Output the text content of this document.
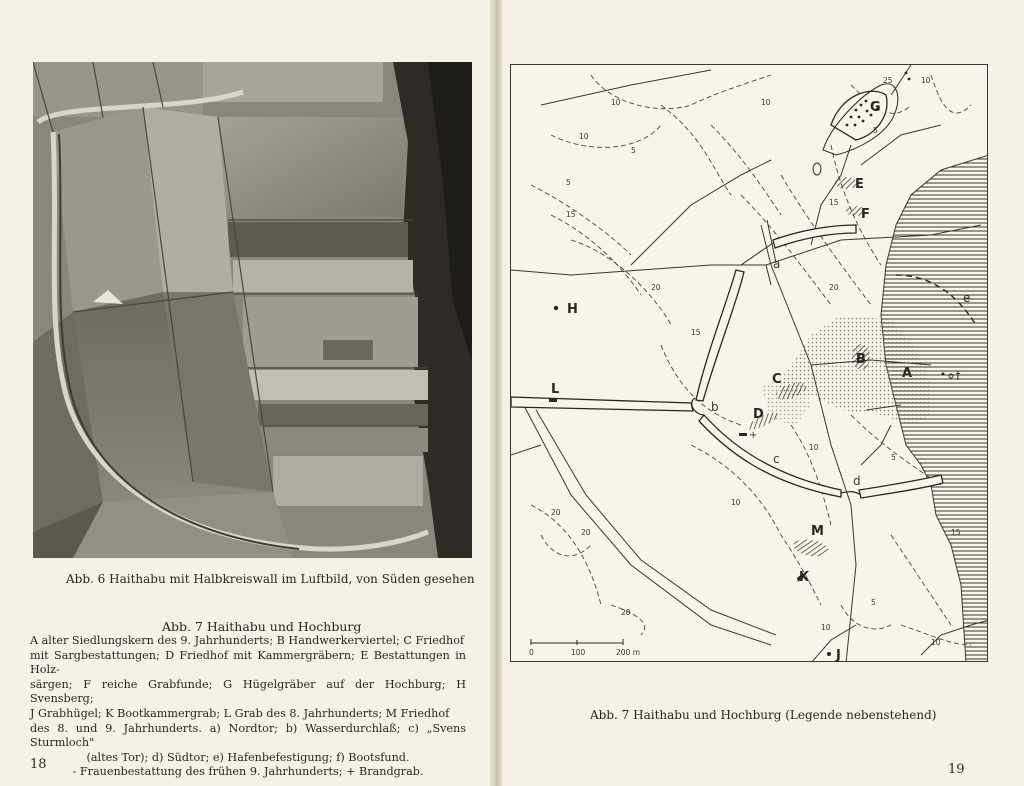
Abb. 6 Haithabu mit Halbkreiswall im Luftbild, von Süden gesehen
Abb. 7 Haithabu und Hochburg

A alter Siedlungskern des 9. Jahrhunderts; B Handwerkerviertel; C Friedhof

mit Sargbestattungen; D Friedhof mit Kammergräbern; E Bestattungen in Holz-

särgen; F reiche Grabfunde; G Hügelgräber auf der Hochburg; H Svensberg;

J Grabhügel; K Bootkammergrab; L Grab des 8. Jahrhunderts; M Friedhof

des 8. und 9. Jahrhunderts. a) Nordtor; b) Wasserdurchlaß; c) „Svens Sturmloch"

(altes Tor); d) Südtor; e) Hafenbefestigung; f) Bootsfund.

- Frauenbestattung des frühen 9. Jahrhunderts; + Brandgrab.

18
+
G
E
F
B
A
C
D
H
L
M
K
J
a
b
c
d
e
f
10
10
5
10
5
15
20
25	10
5
15
20
15
10
5
10
20
20
20
5
10
10
15
0	100	200 m
Abb. 7 Haithabu und Hochburg (Legende nebenstehend)
19
